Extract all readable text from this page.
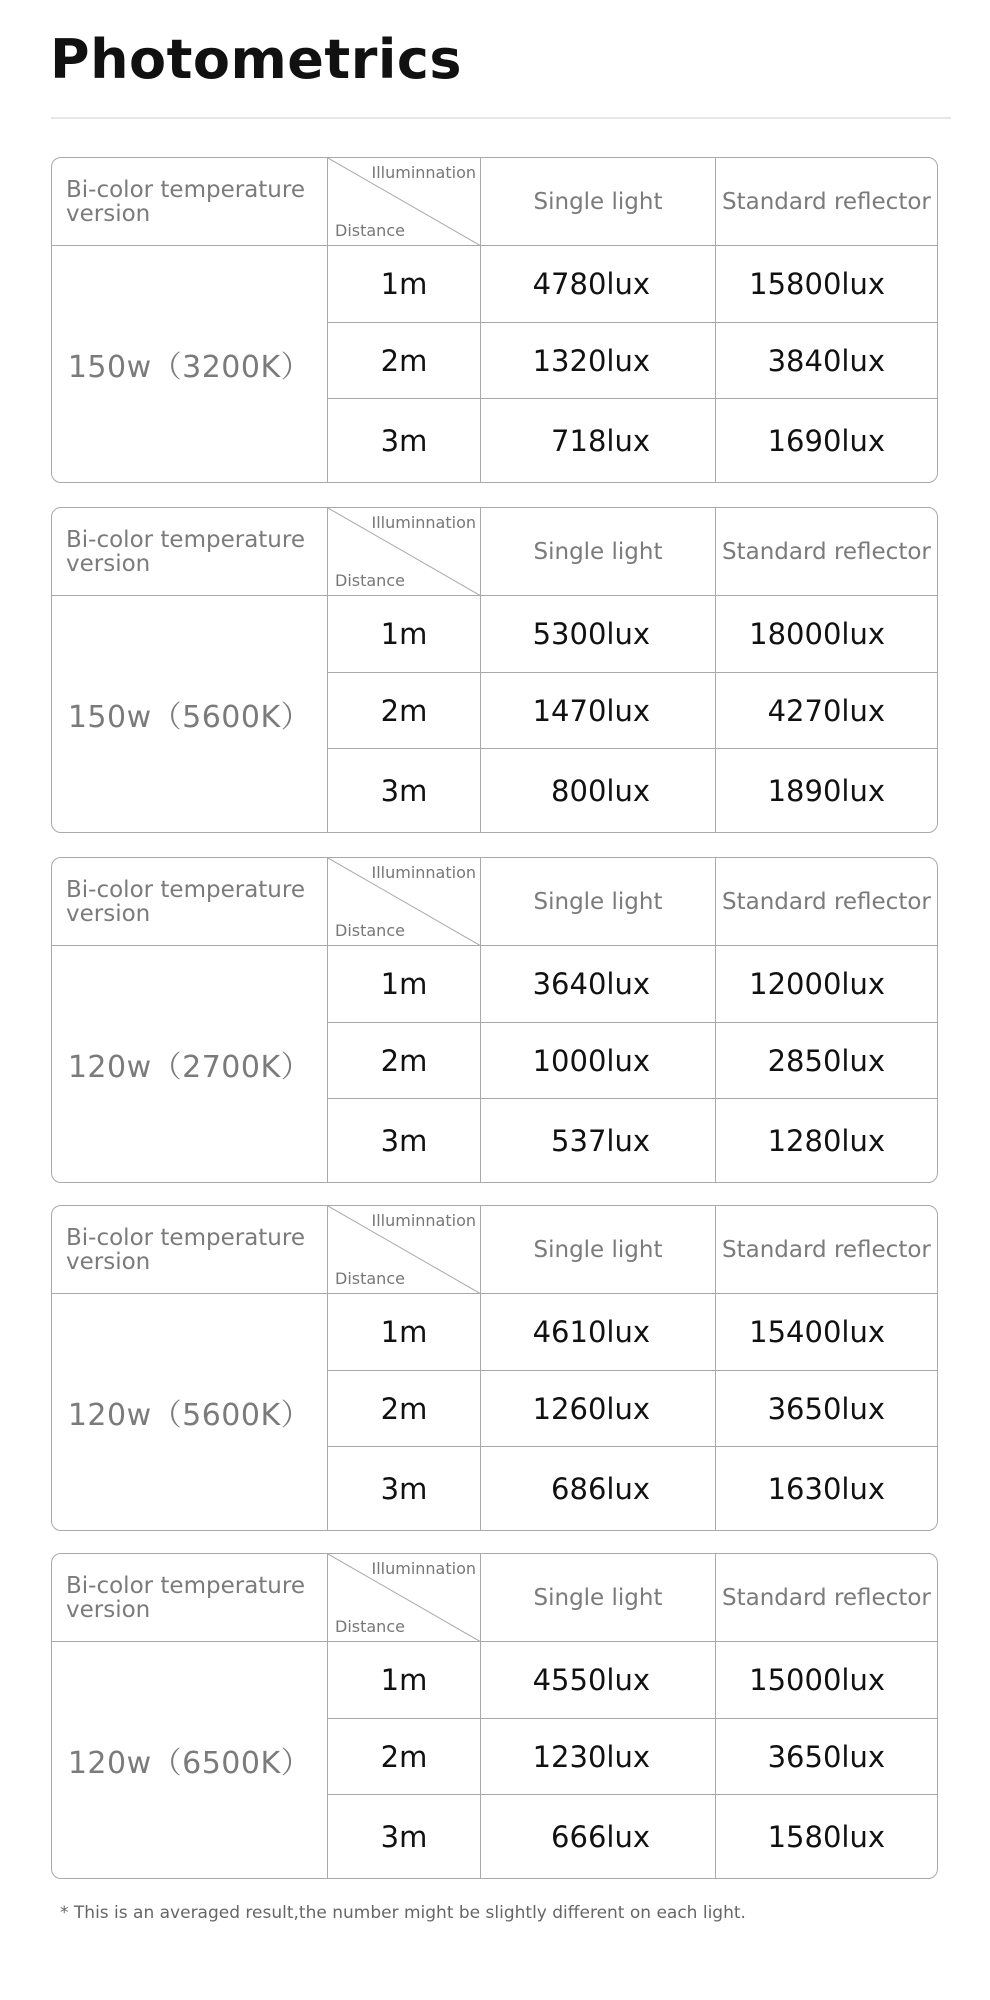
Photometrics
Bi-color temperature version
Illuminnation
Distance
Single light	Standard reflector
150w（3200K）
1m	4780lux	15800lux
2m	1320lux	3840lux
3m	718lux	1690lux
Bi-color temperature version
Illuminnation
Distance
Single light	Standard reflector
150w（5600K）
1m	5300lux	18000lux
2m	1470lux	4270lux
3m	800lux	1890lux
Bi-color temperature version
Illuminnation
Distance
Single light	Standard reflector
120w（2700K）
1m	3640lux	12000lux
2m	1000lux	2850lux
3m	537lux	1280lux
Bi-color temperature version
Illuminnation
Distance
Single light	Standard reflector
120w（5600K）
1m	4610lux	15400lux
2m	1260lux	3650lux
3m	686lux	1630lux
Bi-color temperature version
Illuminnation
Distance
Single light	Standard reflector
120w（6500K）
1m	4550lux	15000lux
2m	1230lux	3650lux
3m	666lux	1580lux
* This is an averaged result,the number might be slightly different on each light.
